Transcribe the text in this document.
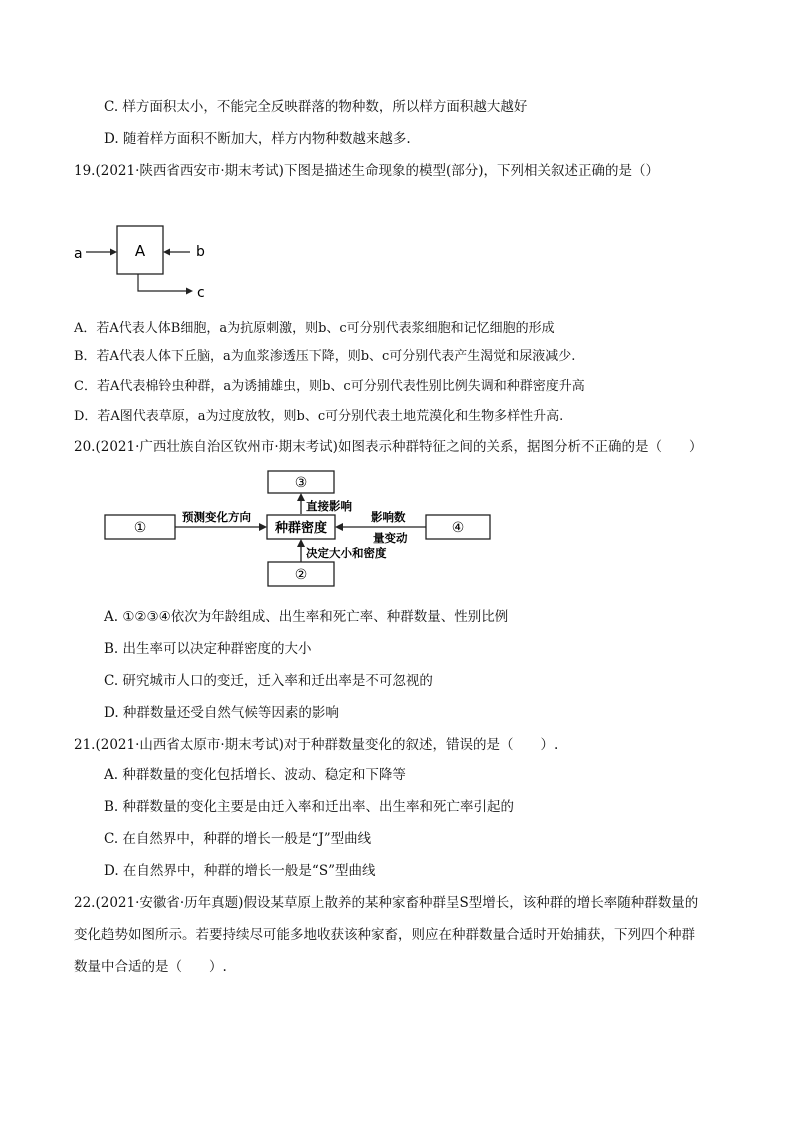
C. 样方面积太小，不能完全反映群落的物种数，所以样方面积越大越好
D. 随着样方面积不断加大，样方内物种数越来越多.
19.(2021·陕西省西安市·期末考试)下图是描述生命现象的模型(部分)，下列相关叙述正确的是（）
A
a	b
c
A．若A代表人体B细胞，a为抗原刺激，则b、c可分别代表浆细胞和记忆细胞的形成
B．若A代表人体下丘脑，a为血浆渗透压下降，则b、c可分别代表产生渴觉和尿液减少.
C．若A代表棉铃虫种群，a为诱捕雄虫，则b、c可分别代表性别比例失调和种群密度升高
D．若A图代表草原，a为过度放牧，则b、c可分别代表土地荒漠化和生物多样性升高.
20.(2021·广西壮族自治区钦州市·期末考试)如图表示种群特征之间的关系，据图分析不正确的是（　　）
③
直接影响
种群密度
①
预测变化方向
④
影响数
量变动
决定大小和密度
②
A. ①②③④依次为年龄组成、出生率和死亡率、种群数量、性别比例
B. 出生率可以决定种群密度的大小
C. 研究城市人口的变迁，迁入率和迁出率是不可忽视的
D. 种群数量还受自然气候等因素的影响
21.(2021·山西省太原市·期末考试)对于种群数量变化的叙述，错误的是（　　）.
A. 种群数量的变化包括增长、波动、稳定和下降等
B. 种群数量的变化主要是由迁入率和迁出率、出生率和死亡率引起的
C. 在自然界中，种群的增长一般是“J”型曲线
D. 在自然界中，种群的增长一般是“S”型曲线
22.(2021·安徽省·历年真题)假设某草原上散养的某种家畜种群呈S型增长，该种群的增长率随种群数量的
变化趋势如图所示。若要持续尽可能多地收获该种家畜，则应在种群数量合适时开始捕获，下列四个种群
数量中合适的是（　　）.
